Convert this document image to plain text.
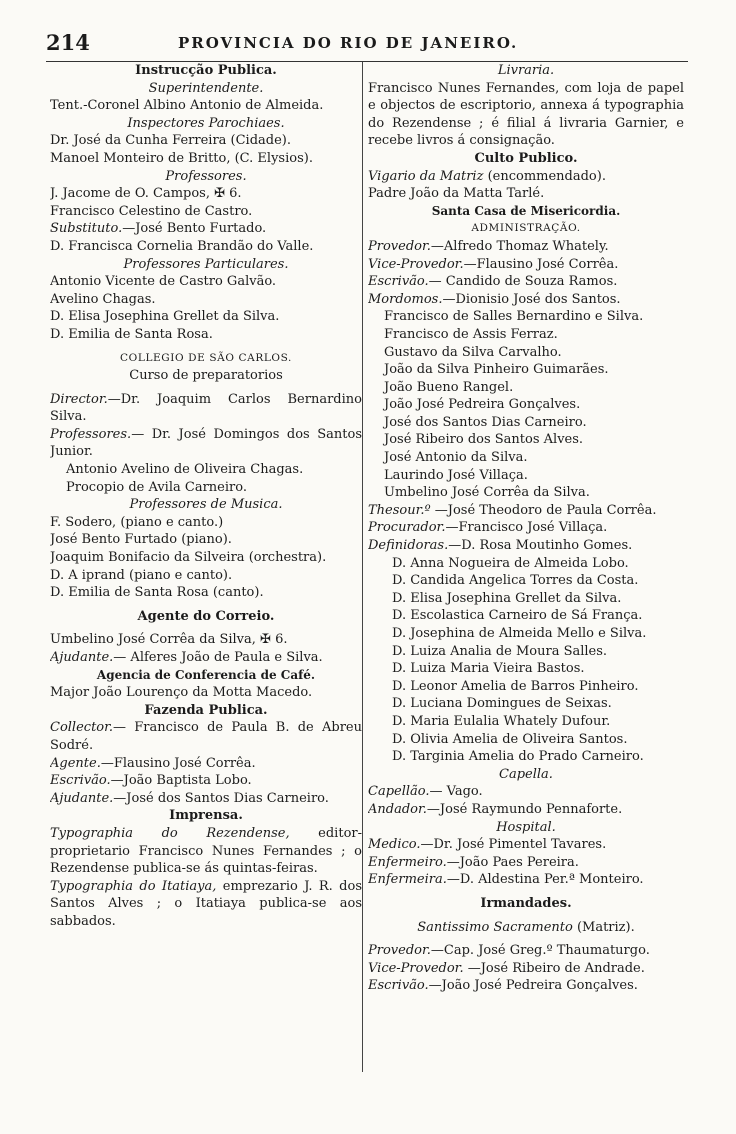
214	PROVINCIA DO RIO DE JANEIRO.
Instrucção Publica.
Superintendente.
Tent.-Coronel Albino Antonio de Almeida.
Inspectores Parochiaes.
Dr. José da Cunha Ferreira (Cidade).
Manoel Monteiro de Britto, (C. Elysios).
Professores.
J. Jacome de O. Campos, ✠ 6.
Francisco Celestino de Castro.
Substituto.—José Bento Furtado.
D. Francisca Cornelia Brandão do Valle.
Professores Particulares.
Antonio Vicente de Castro Galvão.
Avelino Chagas.
D. Elisa Josephina Grellet da Silva.
D. Emilia de Santa Rosa.
COLLEGIO DE SÃO CARLOS.
Curso de preparatorios
Director.—Dr. Joaquim Carlos Bernardino Silva.
Professores.— Dr. José Domingos dos Santos Junior.
Antonio Avelino de Oliveira Chagas.
Procopio de Avila Carneiro.
Professores de Musica.
F. Sodero, (piano e canto.)
José Bento Furtado (piano).
Joaquim Bonifacio da Silveira (orchestra).
D. A iprand (piano e canto).
D. Emilia de Santa Rosa (canto).
Agente do Correio.
Umbelino José Corrêa da Silva, ✠ 6.
Ajudante.— Alferes João de Paula e Silva.
Agencia de Conferencia de Café.
Major João Lourenço da Motta Macedo.
Fazenda Publica.
Collector.— Francisco de Paula B. de Abreu Sodré.
Agente.—Flausino José Corrêa.
Escrivão.—João Baptista Lobo.
Ajudante.—José dos Santos Dias Carneiro.
Imprensa.
Typographia do Rezendense, editor-proprietario Francisco Nunes Fernandes ; o Rezendense publica-se ás quintas-feiras.
Typographia do Itatiaya, emprezario J. R. dos Santos Alves ; o Itatiaya publica-se aos sabbados.
Livraria.
Francisco Nunes Fernandes, com loja de papel e objectos de escriptorio, annexa á typographia do Rezendense ; é filial á livraria Garnier, e recebe livros á consignação.
Culto Publico.
Vigario da Matriz (encommendado).
Padre João da Matta Tarlé.
Santa Casa de Misericordia.
ADMINISTRAÇÃO.
Provedor.—Alfredo Thomaz Whately.
Vice-Provedor.—Flausino José Corrêa.
Escrivão.— Candido de Souza Ramos.
Mordomos.—Dionisio José dos Santos.
Francisco de Salles Bernardino e Silva.
Francisco de Assis Ferraz.
Gustavo da Silva Carvalho.
João da Silva Pinheiro Guimarães.
João Bueno Rangel.
João José Pedreira Gonçalves.
José dos Santos Dias Carneiro.
José Ribeiro dos Santos Alves.
José Antonio da Silva.
Laurindo José Villaça.
Umbelino José Corrêa da Silva.
Thesour.º —José Theodoro de Paula Corrêa.
Procurador.—Francisco José Villaça.
Definidoras.—D. Rosa Moutinho Gomes.
D. Anna Nogueira de Almeida Lobo.
D. Candida Angelica Torres da Costa.
D. Elisa Josephina Grellet da Silva.
D. Escolastica Carneiro de Sá França.
D. Josephina de Almeida Mello e Silva.
D. Luiza Analia de Moura Salles.
D. Luiza Maria Vieira Bastos.
D. Leonor Amelia de Barros Pinheiro.
D. Luciana Domingues de Seixas.
D. Maria Eulalia Whately Dufour.
D. Olivia Amelia de Oliveira Santos.
D. Targinia Amelia do Prado Carneiro.
Capella.
Capellão.— Vago.
Andador.—José Raymundo Pennaforte.
Hospital.
Medico.—Dr. José Pimentel Tavares.
Enfermeiro.—João Paes Pereira.
Enfermeira.—D. Aldestina Per.ª Monteiro.
Irmandades.
Santissimo Sacramento (Matriz).
Provedor.—Cap. José Greg.º Thaumaturgo.
Vice-Provedor. —José Ribeiro de Andrade.
Escrivão.—João José Pedreira Gonçalves.
